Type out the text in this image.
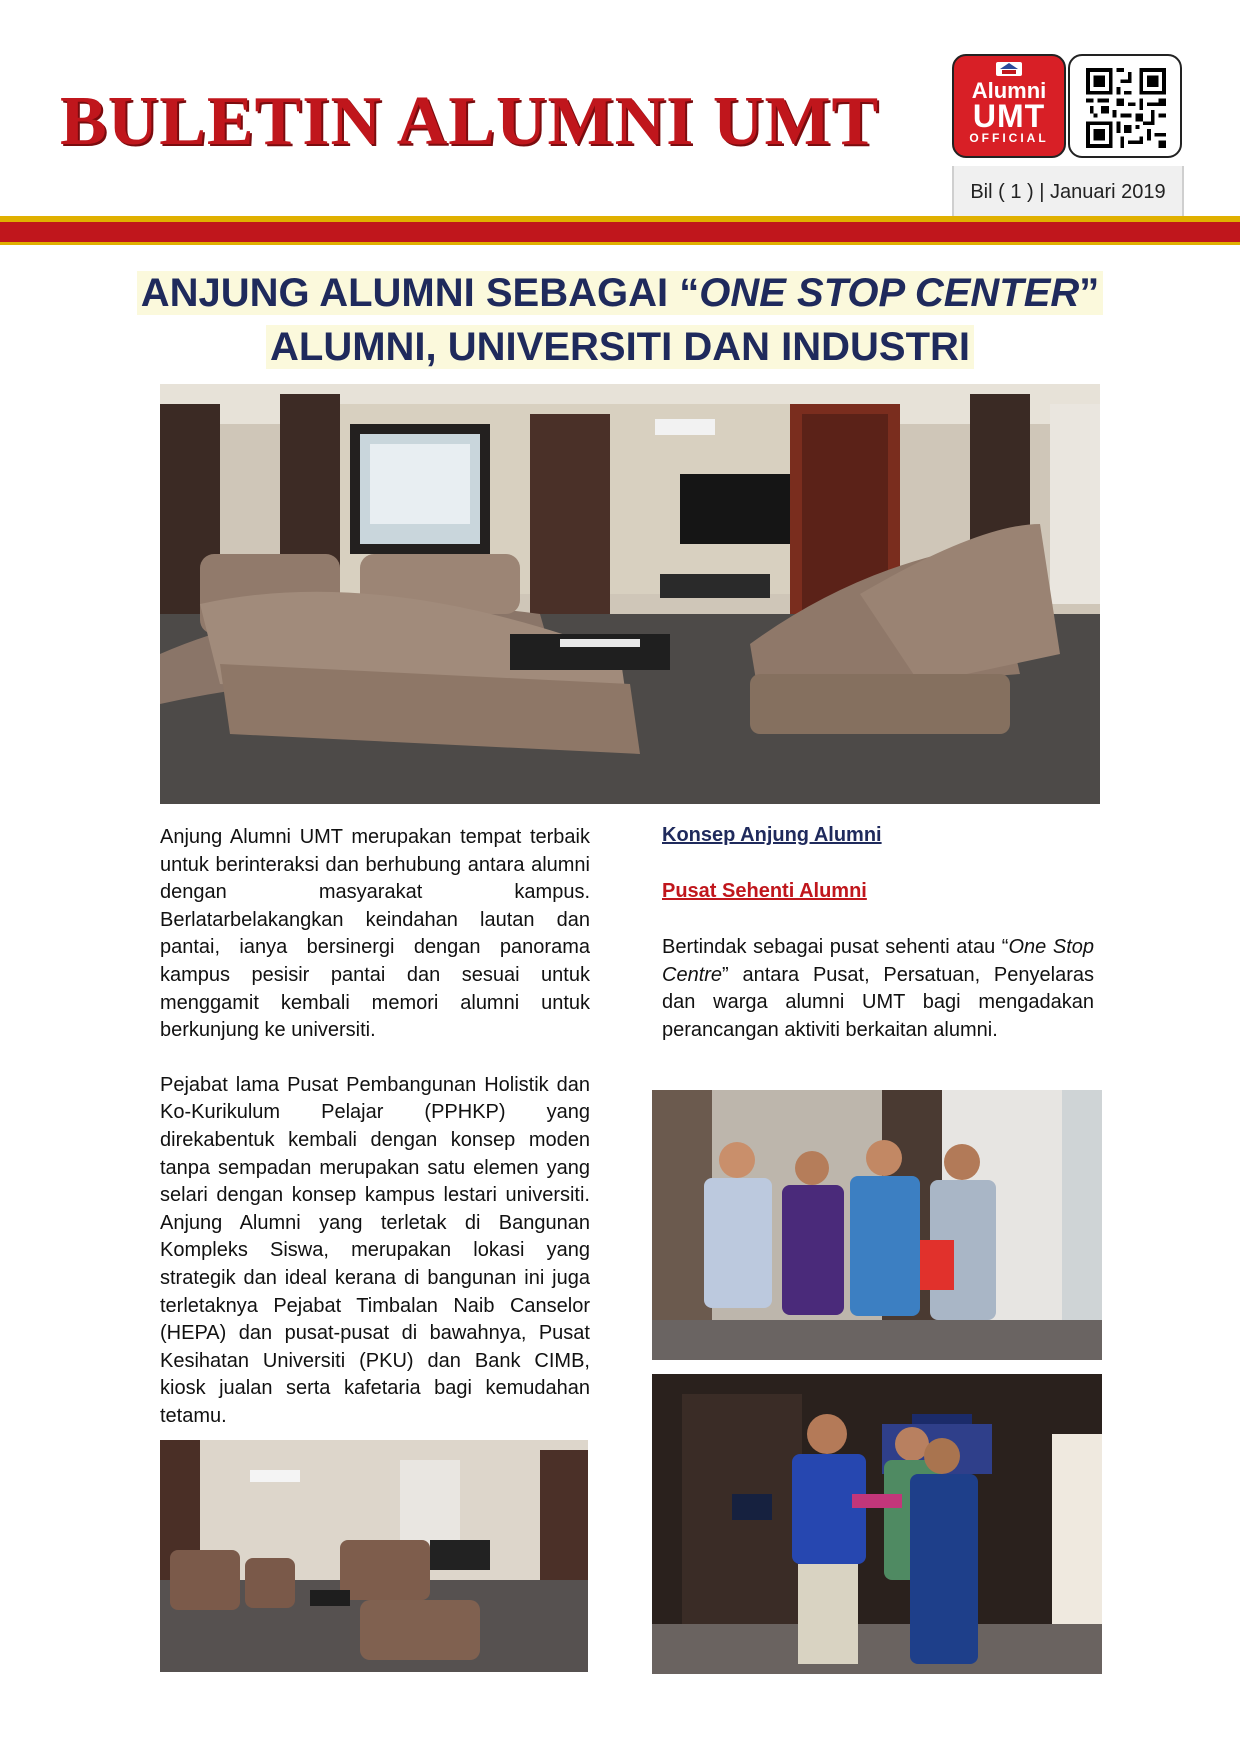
BULETIN ALUMNI UMT	Alumni
UMT
OFFICIAL
Bil ( 1 ) | Januari 2019
ANJUNG ALUMNI SEBAGAI “ONE STOP CENTER”
ALUMNI, UNIVERSITI DAN INDUSTRI

Anjung Alumni UMT merupakan tempat terbaik untuk berinteraksi dan berhubung antara alumni dengan masyarakat kampus. Berlatarbelakangkan keindahan lautan dan pantai, ianya bersinergi dengan panorama kampus pesisir pantai dan sesuai untuk menggamit kembali memori alumni untuk berkunjung ke universiti.

Pejabat lama Pusat Pembangunan Holistik dan Ko-Kurikulum Pelajar (PPHKP) yang direkabentuk kembali dengan konsep moden tanpa sempadan merupakan satu elemen yang selari dengan konsep kampus lestari universiti. Anjung Alumni yang terletak di Bangunan Kompleks Siswa, merupakan lokasi yang strategik dan ideal kerana di bangunan ini juga terletaknya Pejabat Timbalan Naib Canselor (HEPA) dan pusat-pusat di bawahnya, Pusat Kesihatan Universiti (PKU) dan Bank CIMB, kiosk jualan serta kafetaria bagi kemudahan tetamu.

Konsep Anjung Alumni

Pusat Sehenti Alumni

Bertindak sebagai pusat sehenti atau “One Stop Centre” antara Pusat, Persatuan, Penyelaras dan warga alumni UMT bagi mengadakan perancangan aktiviti berkaitan alumni.
